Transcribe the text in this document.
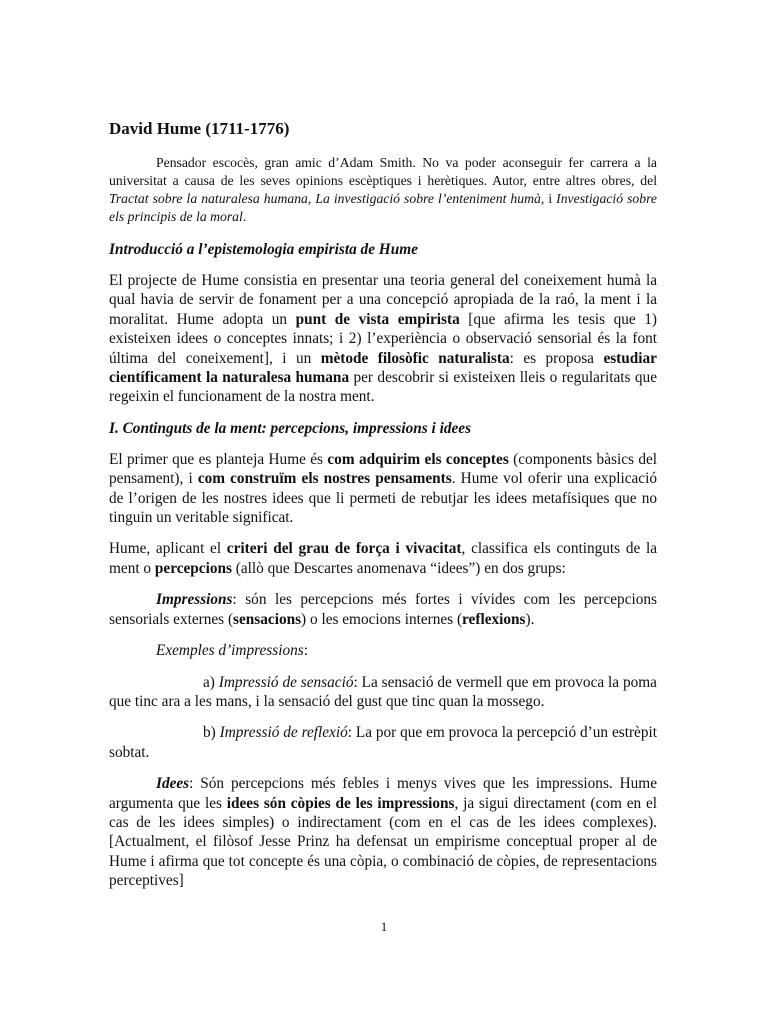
David Hume (1711-1776)

Pensador escocès, gran amic d’Adam Smith. No va poder aconseguir fer carrera a la universitat a causa de les seves opinions escèptiques i herètiques. Autor, entre altres obres, del Tractat sobre la naturalesa humana, La investigació sobre l’enteniment humà, i Investigació sobre els principis de la moral.

Introducció a l’epistemologia empirista de Hume

El projecte de Hume consistia en presentar una teoria general del coneixement humà la qual havia de servir de fonament per a una concepció apropiada de la raó, la ment i la moralitat. Hume adopta un punt de vista empirista [que afirma les tesis que 1) existeixen idees o conceptes innats; i 2) l’experiència o observació sensorial és la font última del coneixement], i un mètode filosòfic naturalista: es proposa estudiar científicament la naturalesa humana per descobrir si existeixen lleis o regularitats que regeixin el funcionament de la nostra ment.

I. Continguts de la ment: percepcions, impressions i idees

El primer que es planteja Hume és com adquirim els conceptes (components bàsics del pensament), i com construïm els nostres pensaments. Hume vol oferir una explicació de l’origen de les nostres idees que li permeti de rebutjar les idees metafísiques que no tinguin un veritable significat.

Hume, aplicant el criteri del grau de força i vivacitat, classifica els continguts de la ment o percepcions (allò que Descartes anomenava “idees”) en dos grups:

Impressions: són les percepcions més fortes i vívides com les percepcions sensorials externes (sensacions) o les emocions internes (reflexions).

Exemples d’impressions:

a) Impressió de sensació: La sensació de vermell que em provoca la poma que tinc ara a les mans, i la sensació del gust que tinc quan la mossego.

b) Impressió de reflexió: La por que em provoca la percepció d’un estrèpit sobtat.

Idees: Són percepcions més febles i menys vives que les impressions. Hume argumenta que les idees són còpies de les impressions, ja sigui directament (com en el cas de les idees simples) o indirectament (com en el cas de les idees complexes). [Actualment, el filòsof Jesse Prinz ha defensat un empirisme conceptual proper al de Hume i afirma que tot concepte és una còpia, o combinació de còpies, de representacions perceptives]

1
